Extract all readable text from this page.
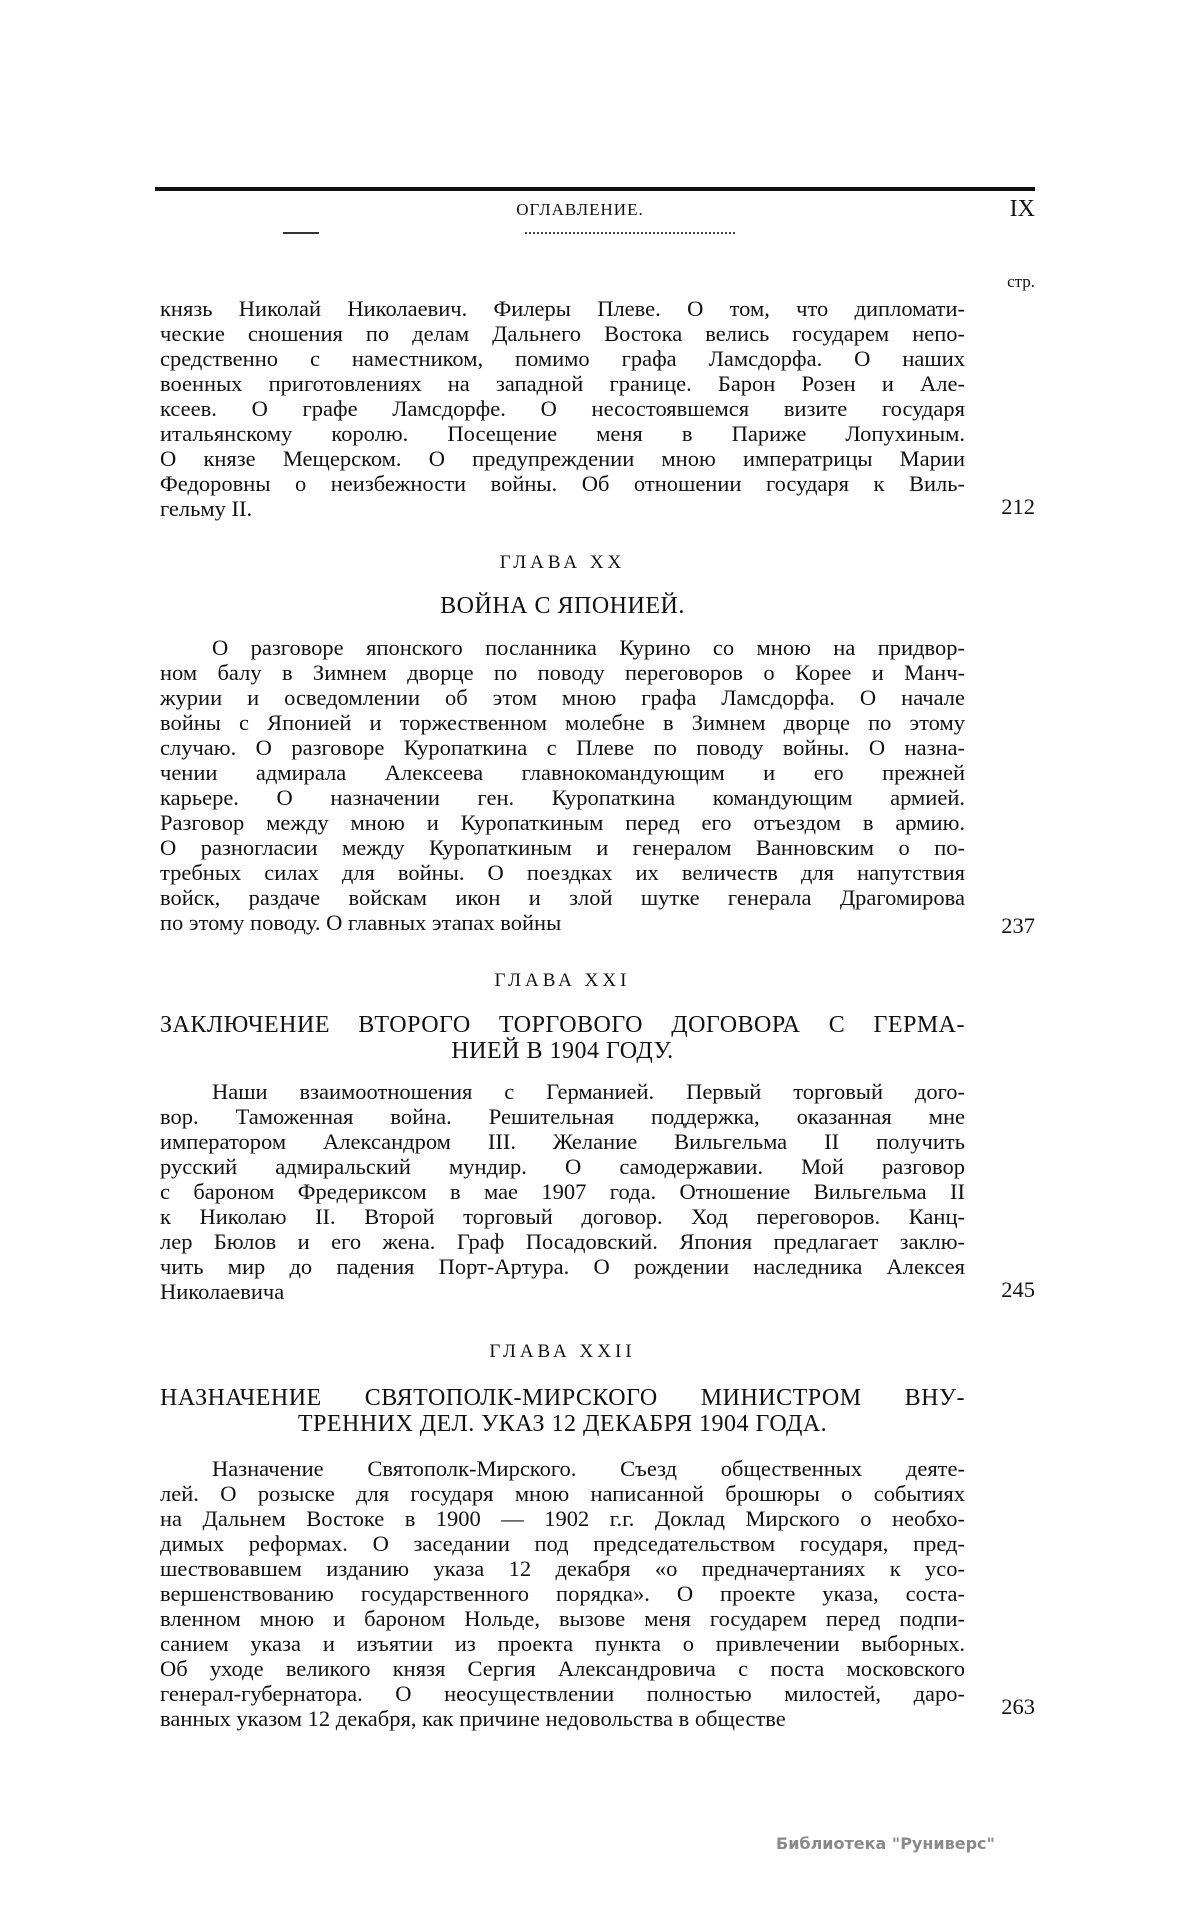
ОГЛАВЛЕНИЕ.	IX
стр.
князь Николай Николаевич. Филеры Плеве. О том, что дипломати-
ческие сношения по делам Дальнего Востока велись государем непо-
средственно с наместником, помимо графа Ламсдорфа. О наших
военных приготовлениях на западной границе. Барон Розен и Але-
ксеев. О графе Ламсдорфе. О несостоявшемся визите государя
итальянскому королю. Посещение меня в Париже Лопухиным.
О князе Мещерском. О предупреждении мною императрицы Марии
Федоровны о неизбежности войны. Об отношении государя к Виль-
гельму II.	212
ГЛАВА XX
ВОЙНА С ЯПОНИЕЙ.
О разговоре японского посланника Курино со мною на придвор-
ном балу в Зимнем дворце по поводу переговоров о Корее и Манч-
журии и осведомлении об этом мною графа Ламсдорфа. О начале
войны с Японией и торжественном молебне в Зимнем дворце по этому
случаю. О разговоре Куропаткина с Плеве по поводу войны. О назна-
чении адмирала Алексеева главнокомандующим и его прежней
карьере. О назначении ген. Куропаткина командующим армией.
Разговор между мною и Куропаткиным перед его отъездом в армию.
О разногласии между Куропаткиным и генералом Ванновским о по-
требных силах для войны. О поездках их величеств для напутствия
войск, раздаче войскам икон и злой шутке генерала Драгомирова
по этому поводу. О главных этапах войны	237
ГЛАВА XXI
ЗАКЛЮЧЕНИЕ ВТОРОГО ТОРГОВОГО ДОГОВОРА С ГЕРМА-
НИЕЙ В 1904 ГОДУ.
Наши взаимоотношения с Германией. Первый торговый дого-
вор. Таможенная война. Решительная поддержка, оказанная мне
императором Александром III. Желание Вильгельма II получить
русский адмиральский мундир. О самодержавии. Мой разговор
с бароном Фредериксом в мае 1907 года. Отношение Вильгельма II
к Николаю II. Второй торговый договор. Ход переговоров. Канц-
лер Бюлов и его жена. Граф Посадовский. Япония предлагает заклю-
чить мир до падения Порт-Артура. О рождении наследника Алексея
Николаевича	245
ГЛАВА XXII
НАЗНАЧЕНИЕ СВЯТОПОЛК-МИРСКОГО МИНИСТРОМ ВНУ-
ТРЕННИХ ДЕЛ. УКАЗ 12 ДЕКАБРЯ 1904 ГОДА.
Назначение Святополк-Мирского. Съезд общественных деяте-
лей. О розыске для государя мною написанной брошюры о событиях
на Дальнем Востоке в 1900 — 1902 г.г. Доклад Мирского о необхо-
димых реформах. О заседании под председательством государя, пред-
шествовавшем изданию указа 12 декабря «о предначертаниях к усо-
вершенствованию государственного порядка». О проекте указа, соста-
вленном мною и бароном Нольде, вызове меня государем перед подпи-
санием указа и изъятии из проекта пункта о привлечении выборных.
Об уходе великого князя Сергия Александровича с поста московского
генерал-губернатора. О неосуществлении полностью милостей, даро-
ванных указом 12 декабря, как причине недовольства в обществе	263
Библиотека "Руниверс"
